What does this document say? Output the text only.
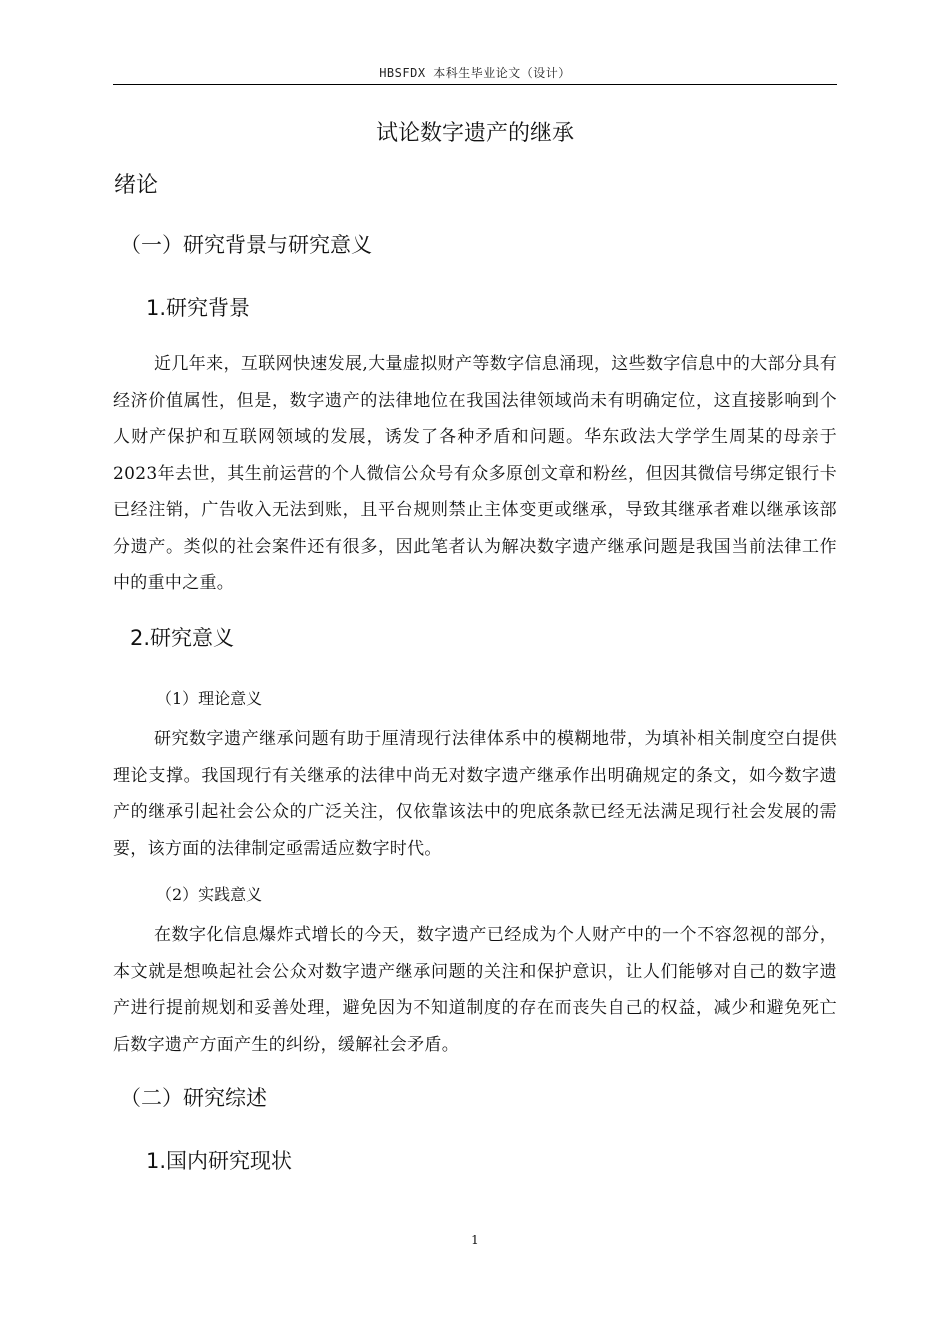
HBSFDX 本科生毕业论文（设计）
试论数字遗产的继承
绪论
（一）研究背景与研究意义
1.研究背景

近几年来，互联网快速发展,大量虚拟财产等数字信息涌现，这些数字信息中的大部分具有经济价值属性，但是，数字遗产的法律地位在我国法律领域尚未有明确定位，这直接影响到个人财产保护和互联网领域的发展，诱发了各种矛盾和问题。华东政法大学学生周某的母亲于2023年去世，其生前运营的个人微信公众号有众多原创文章和粉丝，但因其微信号绑定银行卡已经注销，广告收入无法到账，且平台规则禁止主体变更或继承，导致其继承者难以继承该部分遗产。类似的社会案件还有很多，因此笔者认为解决数字遗产继承问题是我国当前法律工作中的重中之重。

2.研究意义
（1）理论意义

研究数字遗产继承问题有助于厘清现行法律体系中的模糊地带，为填补相关制度空白提供理论支撑。我国现行有关继承的法律中尚无对数字遗产继承作出明确规定的条文，如今数字遗产的继承引起社会公众的广泛关注，仅依靠该法中的兜底条款已经无法满足现行社会发展的需要，该方面的法律制定亟需适应数字时代。

（2）实践意义

在数字化信息爆炸式增长的今天，数字遗产已经成为个人财产中的一个不容忽视的部分，本文就是想唤起社会公众对数字遗产继承问题的关注和保护意识，让人们能够对自己的数字遗产进行提前规划和妥善处理，避免因为不知道制度的存在而丧失自己的权益，减少和避免死亡后数字遗产方面产生的纠纷，缓解社会矛盾。

（二）研究综述
1.国内研究现状
1
